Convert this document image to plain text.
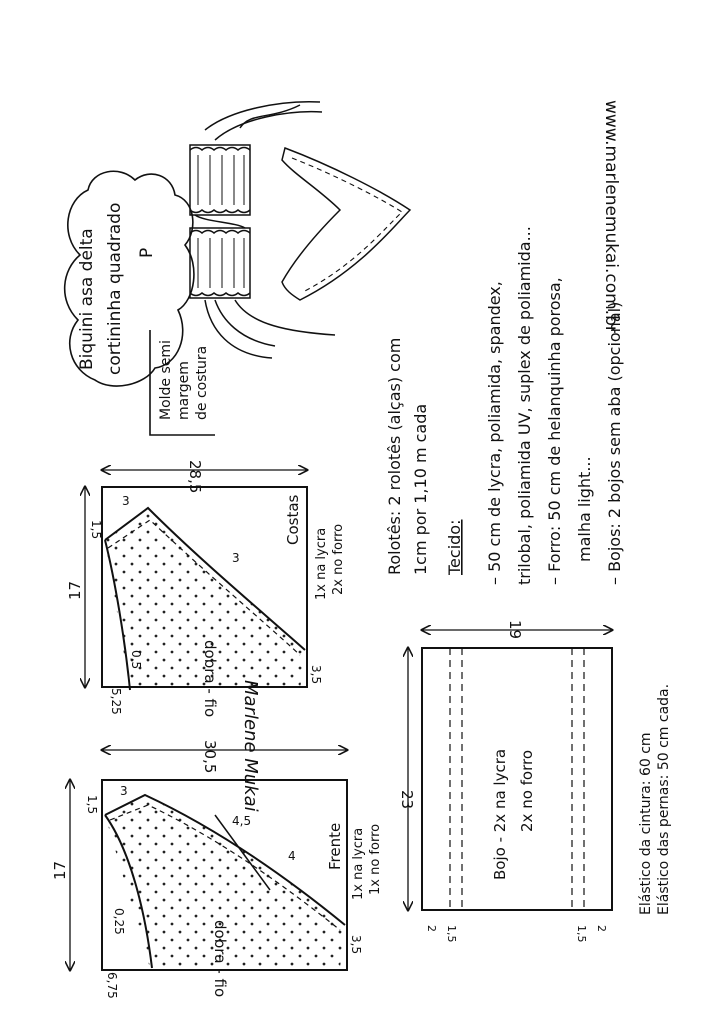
www.marlenemukai.com.br
Biquini asa delta cortininha quadrado P
Molde semi margem de costura	Rolotês: 2 rolotês (alças) com 1cm por 1,10 m cada Tecido: – 50 cm de lycra, poliamida, spandex, trilobal, poliamida UV, suplex de poliamida... – Forro: 50 cm de helanquinha porosa, malha light... – Bojos: 2 bojos sem aba (opcional)
17
28,5
3
1,5
3
0,5
5,25
3,5
dobra - fio
Costas
1x na lycra 2x no forro
Marlene Mukai
17
30,5
3
1,5
4,5
4
0,25
6,75
3,5
dobra - fio
Frente 1x na lycra 1x no forro
23
19
Bojo - 2x na lycra 2x no forro
2 1,5	1,5 2
Elástico da cintura: 60 cm Elástico das pernas: 50 cm cada.
